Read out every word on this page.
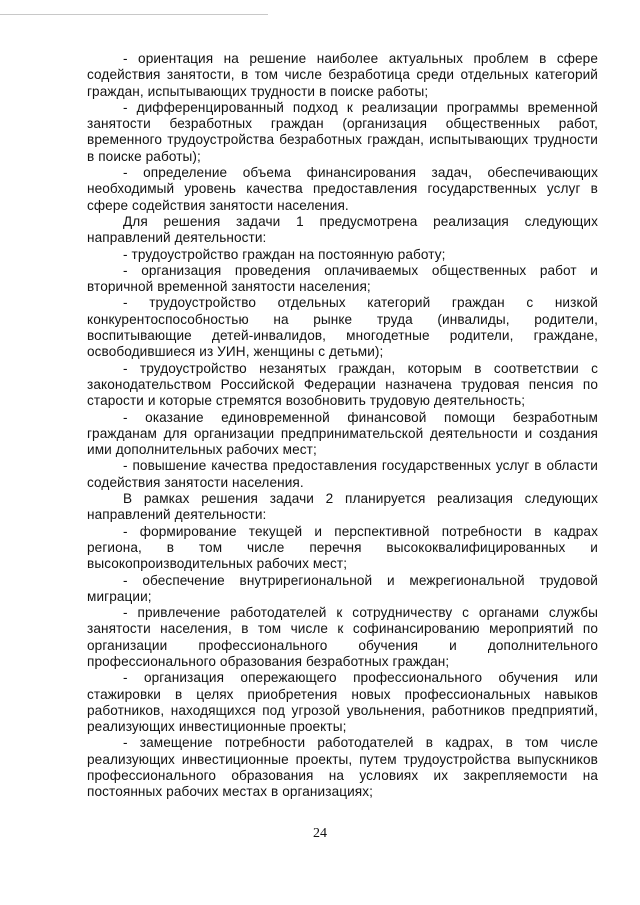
- ориентация на решение наиболее актуальных проблем в сфере содействия занятости, в том числе безработица среди отдельных категорий граждан, испытывающих трудности в поиске работы;

- дифференцированный подход к реализации программы временной занятости безработных граждан (организация общественных работ, временного трудоустройства безработных граждан, испытывающих трудности в поиске работы);

- определение объема финансирования задач, обеспечивающих необходимый уровень качества предоставления государственных услуг в сфере содействия занятости населения.

Для решения задачи 1 предусмотрена реализация следующих направлений деятельности:

- трудоустройство граждан на постоянную работу;

- организация проведения оплачиваемых общественных работ и вторичной временной занятости населения;

- трудоустройство отдельных категорий граждан с низкой конкурентоспособностью на рынке труда (инвалиды, родители, воспитывающие детей-инвалидов, многодетные родители, граждане, освободившиеся из УИН, женщины с детьми);

- трудоустройство незанятых граждан, которым в соответствии с законодательством Российской Федерации назначена трудовая пенсия по старости и которые стремятся возобновить трудовую деятельность;

- оказание единовременной финансовой помощи безработным гражданам для организации предпринимательской деятельности и создания ими дополнительных рабочих мест;

- повышение качества предоставления государственных услуг в области содействия занятости населения.

В рамках решения задачи 2 планируется реализация следующих направлений деятельности:

- формирование текущей и перспективной потребности в кадрах региона, в том числе перечня высококвалифицированных и высокопроизводительных рабочих мест;

- обеспечение внутрирегиональной и межрегиональной трудовой миграции;

- привлечение работодателей к сотрудничеству с органами службы занятости населения, в том числе к софинансированию мероприятий по организации профессионального обучения и дополнительного профессионального образования безработных граждан;

- организация опережающего профессионального обучения или стажировки в целях приобретения новых профессиональных навыков работников, находящихся под угрозой увольнения, работников предприятий, реализующих инвестиционные проекты;

- замещение потребности работодателей в кадрах, в том числе реализующих инвестиционные проекты, путем трудоустройства выпускников профессионального образования на условиях их закрепляемости на постоянных рабочих местах в организациях;

24
